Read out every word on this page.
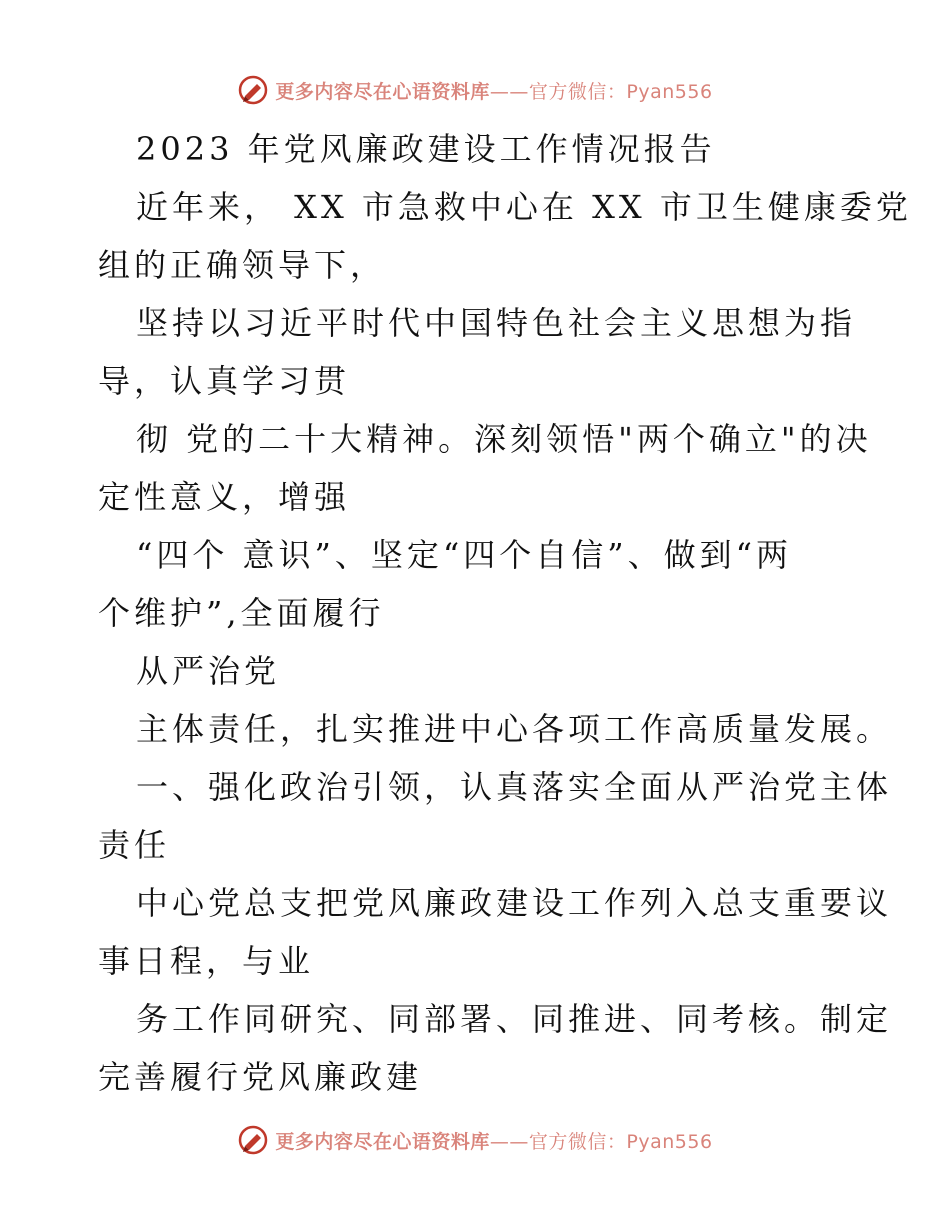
更多内容尽在心语资料库——官方微信：Pyan556
2023 年党风廉政建设工作情况报告
近年来， XX 市急救中心在 XX 市卫生健康委党
组的正确领导下，
坚持以习近平时代中国特色社会主义思想为指
导，认真学习贯
彻 党的二十大精神。深刻领悟"两个确立"的决
定性意义，增强
“四个 意识”、坚定“四个自信”、做到“两
个维护”,全面履行
从严治党
主体责任，扎实推进中心各项工作高质量发展。
一、强化政治引领，认真落实全面从严治党主体
责任
中心党总支把党风廉政建设工作列入总支重要议
事日程，与业
务工作同研究、同部署、同推进、同考核。制定
完善履行党风廉政建
更多内容尽在心语资料库——官方微信：Pyan556
